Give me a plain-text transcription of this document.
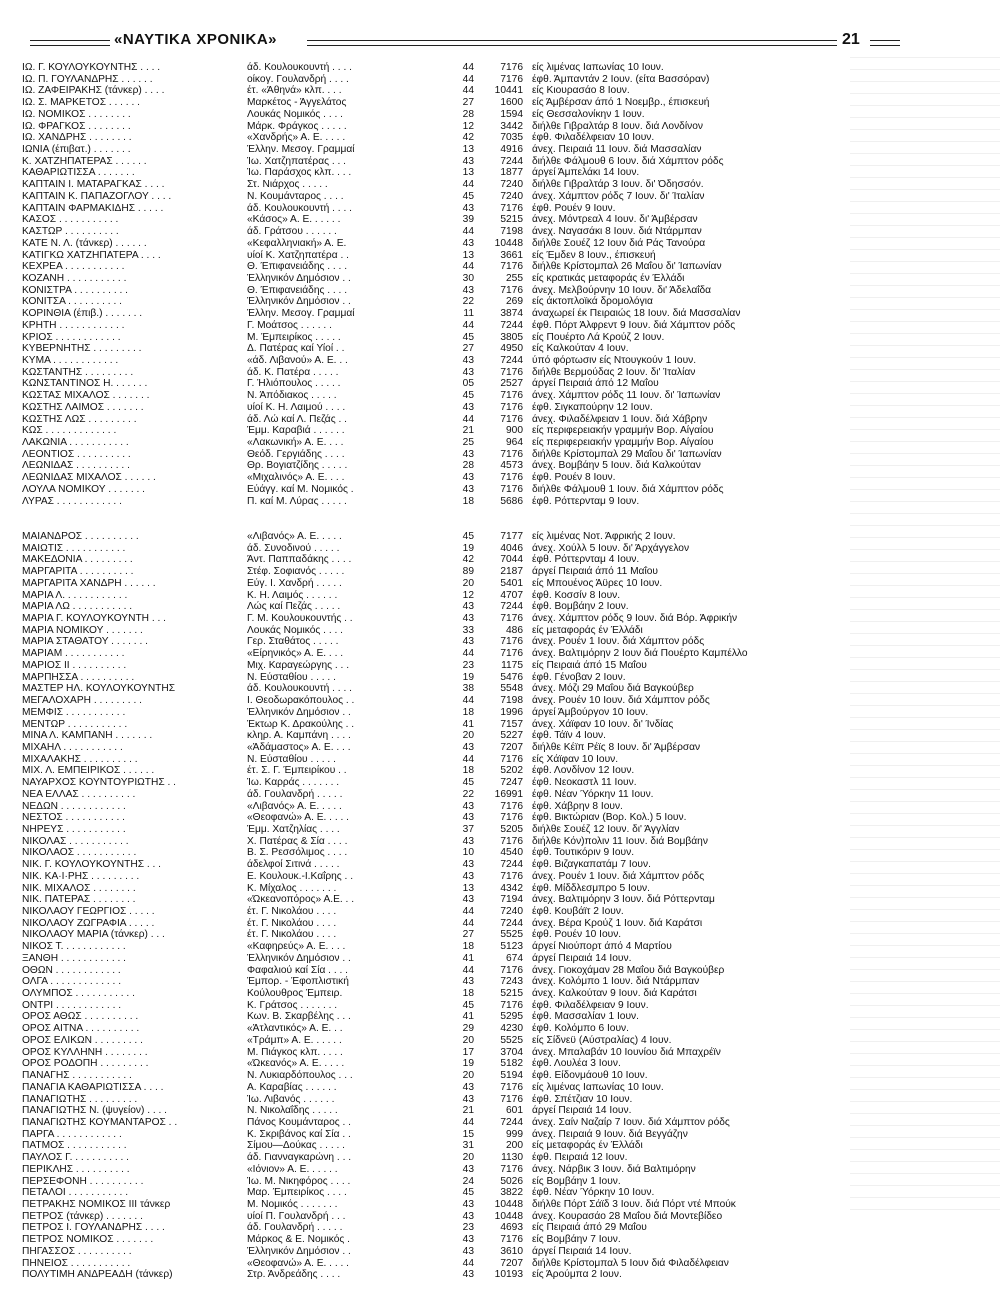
«ΝΑΥΤΙΚΑ ΧΡΟΝΙΚΑ»	21
ΙΩ. Γ. ΚΟΥΛΟΥΚΟΥΝΤΗΣ . . . .	άδ. Κουλουκουντή . . . .	44	7176 είς λιμένας Ιαπωνίας 10 Ιουν.
ΙΩ. Π. ΓΟΥΛΑΝΔΡΗΣ . . . . . .	οίκογ. Γουλανδρή . . . .	44	7176 έφθ. Άμπαντάν 2 Ιουν. (είτα Βασσόραν)
ΙΩ. ΖΑΦΕΙΡΑΚΗΣ (τάνκερ) . . . .	έτ. «Άθηνά» κλπ. . . .	44	10441 είς Κιουρασάο 8 Ιουν.
ΙΩ. Σ. ΜΑΡΚΕΤΟΣ . . . . . .	Μαρκέτος - Άγγελάτος	27	1600 είς Άμβέρσαν άπό 1 Νοεμβρ., έπισκευή
ΙΩ. ΝΟΜΙΚΟΣ . . . . . . . .	Λουκάς Νομικός . . . .	28	1594 είς Θεσσαλονίκην 1 Ιουν.
ΙΩ. ΦΡΑΓΚΟΣ . . . . . . . .	Μάρκ. Φράγκος . . . . .	12	3442 διήλθε Γιβραλτάρ 8 Ιουν. διά Λονδίνον
ΙΩ. ΧΑΝΔΡΗΣ . . . . . . . .	«Χανδρής» Α. Ε. . . . .	42	7035 έφθ. Φιλαδέλφειαν 10 Ιουν.
ΙΩΝΙΑ (έπιβατ.) . . . . . . .	Έλλην. Μεσογ. Γραμμαί	13	4916 άνεχ. Πειραιά 11 Ιουν. διά Μασσαλίαν
Κ. ΧΑΤΖΗΠΑΤΕΡΑΣ . . . . . .	Ίω. Χατζηπατέρας . . .	43	7244 διήλθε Φάλμουθ 6 Ιουν. διά Χάμπτον ρόδς
ΚΑΘΑΡΙΩΤΙΣΣΑ . . . . . . .	Ίω. Παράσχος κλπ. . . .	13	1877 άργεί Άμπελάκι 14 Ιουν.
ΚΑΠΤΑΙΝ Ι. ΜΑΤΑΡΑΓΚΑΣ . . . .	Στ. Νιάρχος . . . . .	44	7240 διήλθε Γιβραλτάρ 3 Ιουν. δι' Όδησσόν.
ΚΑΠΤΑΙΝ Κ. ΠΑΠΑΖΟΓΛΟΥ . . . .	Ν. Κουμάνταρος . . . .	45	7240 άνεχ. Χάμπτον ρόδς 7 Ιουν. δι' Ίταλίαν
ΚΑΠΤΑΙΝ ΦΑΡΜΑΚΙΔΗΣ . . . . .	άδ. Κουλουκουντή . . . .	43	7176 έφθ. Ρουέν 9 Ιουν.
ΚΑΣΟΣ . . . . . . . . . . .	«Κάσος» Α. Ε. . . . . .	39	5215 άνεχ. Μόντρεαλ 4 Ιουν. δι' Άμβέρσαν
ΚΑΣΤΩΡ . . . . . . . . . .	άδ. Γράτσου . . . . . .	44	7198 άνεχ. Ναγασάκι 8 Ιουν. διά Ντάρμπαν
ΚΑΤΕ Ν. Λ. (τάνκερ) . . . . . .	«Κεφαλληνιακή» Α. Ε.	43	10448 διήλθε Σουέζ 12 Ιουν διά Ράς Τανούρα
ΚΑΤΙΓΚΩ ΧΑΤΖΗΠΑΤΕΡΑ . . . .	υίοί Κ. Χατζηπατέρα . .	13	3661 είς Έμδεν 8 Ιουν., έπισκευή
ΚΕΧΡΕΑ . . . . . . . . . . .	Θ. Έπιφανειάδης . . . .	44	7176 διήλθε Κρίστομπαλ 26 Μαΐου δι' Ίαπωνίαν
ΚΟΖΑΝΗ . . . . . . . . . . .	Έλληνικόν Δημόσιον . .	30	255 είς κρατικάς μεταφοράς έν Έλλάδι
ΚΟΝΙΣΤΡΑ . . . . . . . . . .	Θ. Έπιφανειάδης . . . .	43	7176 άνεχ. Μελβούρνην 10 Ιουν. δι' Άδελαΐδα
ΚΟΝΙΤΣΑ . . . . . . . . . .	Έλληνικόν Δημόσιον . .	22	269 είς άκτοπλοϊκά δρομολόγια
ΚΟΡΙΝΘΙΑ (έπιβ.) . . . . . . .	Έλλην. Μεσογ. Γραμμαί	11	3874 άναχωρεί έκ Πειραιώς 18 Ιουν. διά Μασσαλίαν
ΚΡΗΤΗ . . . . . . . . . . . .	Γ. Μοάτσος . . . . . .	44	7244 έφθ. Πόρτ Άλφρεντ 9 Ιουν. διά Χάμπτον ρόδς
ΚΡΙΟΣ . . . . . . . . . . . .	Μ. Έμπειρίκος . . . . .	45	3805 είς Πουέρτο Λά Κρούζ 2 Ιουν.
ΚΥΒΕΡΝΗΤΗΣ . . . . . . . . .	Δ. Πατέρας καί Υίοί . .	27	4950 είς Καλκούταν 4 Ιουν.
ΚΥΜΑ . . . . . . . . . . . .	«άδ. Λιβανού» Α. Ε. . .	43	7244 ύπό φόρτωσιν είς Ντουγκούν 1 Ιουν.
ΚΩΣΤΑΝΤΗΣ . . . . . . . . .	άδ. Κ. Πατέρα . . . . .	43	7176 διήλθε Βερμούδας 2 Ιουν. δι' Ίταλίαν
ΚΩΝΣΤΑΝΤΙΝΟΣ Η. . . . . . .	Γ. Ήλιόπουλος . . . . .	05	2527 άργεί Πειραιά άπό 12 Μαΐου
ΚΩΣΤΑΣ ΜΙΧΑΛΟΣ . . . . . . .	Ν. Άπόδιακος . . . . .	45	7176 άνεχ. Χάμπτον ρόδς 11 Ιουν. δι' Ίαπωνίαν
ΚΩΣΤΗΣ ΛΑΙΜΟΣ . . . . . . .	υίοί Κ. Η. Λαιμού . . . .	43	7176 έφθ. Σιγκαπούρην 12 Ιουν.
ΚΩΣΤΗΣ ΛΩΣ . . . . . . . . .	άδ. Λώ καί Λ. Πεζάς . .	44	7176 άνεχ. Φιλαδέλφειαν 1 Ιουν. διά Χάβρην
ΚΩΣ . . . . . . . . . . . . .	Έμμ. Καραβιά . . . . . .	21	900 είς περιφερειακήν γραμμήν Βορ. Αίγαίου
ΛΑΚΩΝΙΑ . . . . . . . . . . .	«Λακωνική» Α. Ε. . . .	25	964 είς περιφερειακήν γραμμήν Βορ. Αίγαίου
ΛΕΟΝΤΙΟΣ . . . . . . . . . .	Θεόδ. Γεργιάδης . . . .	43	7176 διήλθε Κρίστομπαλ 29 Μαΐου δι' Ίαπωνίαν
ΛΕΩΝΙΔΑΣ . . . . . . . . . .	Θρ. Βογιατζίδης . . . . .	28	4573 άνεχ. Βομβάην 5 Ιουν. διά Καλκούταν
ΛΕΩΝΙΔΑΣ ΜΙΧΑΛΟΣ . . . . . .	«Μιχαλινός» Α. Ε. . . .	43	7176 έφθ. Ρουέν 8 Ιουν.
ΛΟΥΛΑ ΝΟΜΙΚΟΥ . . . . . . .	Εύάγγ. καί Μ. Νομικός .	43	7176 διήλθε Φάλμουθ 1 Ιουν. διά Χάμπτον ρόδς
ΛΥΡΑΣ . . . . . . . . . . . .	Π. καί Μ. Λύρας . . . . .	18	5686 έφθ. Ρόττερνταμ 9 Ιουν.
ΜΑΙΑΝΔΡΟΣ . . . . . . . . . .	«Λιβανός» Α. Ε. . . . .	45	7177 είς λιμένας Νοτ. Άφρικής 2 Ιουν.
ΜΑΙΩΤΙΣ . . . . . . . . . . .	άδ. Συνοδινού . . . . .	19	4046 άνεχ. Χούλλ 5 Ιουν. δι' Άρχάγγελον
ΜΑΚΕΔΟΝΙΑ . . . . . . . . .	Άντ. Παππαδάκης . . . .	42	7044 έφθ. Ρόττερνταμ 4 Ιουν.
ΜΑΡΓΑΡΙΤΑ . . . . . . . . . .	Στέφ. Σοφιανός . . . . .	89	2187 άργεί Πειραιά άπό 11 Μαΐου
ΜΑΡΓΑΡΙΤΑ ΧΑΝΔΡΗ . . . . . .	Εύγ. Ι. Χανδρή . . . . .	20	5401 είς Μπουένος Άϋρες 10 Ιουν.
ΜΑΡΙΑ Λ. . . . . . . . . . . .	Κ. Η. Λαιμός . . . . . .	12	4707 έφθ. Κοσσίν 8 Ιουν.
ΜΑΡΙΑ ΛΩ . . . . . . . . . . .	Λώς καί Πεζάς . . . . .	43	7244 έφθ. Βομβάην 2 Ιουν.
ΜΑΡΙΑ Γ. ΚΟΥΛΟΥΚΟΥΝΤΗ . . .	Γ. Μ. Κουλουκουντής . .	43	7176 άνεχ. Χάμπτον ρόδς 9 Ιουν. διά Βόρ. Άφρικήν
ΜΑΡΙΑ ΝΟΜΙΚΟΥ . . . . . . .	Λουκάς Νομικός . . . .	33	486 είς μεταφοράς έν Έλλάδι
ΜΑΡΙΑ ΣΤΑΘΑΤΟΥ . . . . . . .	Γερ. Σταθάτος . . . . .	43	7176 άνεχ. Ρουέν 1 Ιουν. διά Χάμπτον ρόδς
ΜΑΡΙΑΜ . . . . . . . . . . .	«Είρηνικός» Α. Ε. . . .	44	7176 άνεχ. Βαλτιμόρην 2 Ιουν διά Πουέρτο Καμπέλλο
ΜΑΡΙΟΣ ΙΙ . . . . . . . . . .	Μιχ. Καραγεώργης . . .	23	1175 είς Πειραιά άπό 15 Μαΐου
ΜΑΡΠΗΣΣΑ . . . . . . . . . .	Ν. Εύσταθίου . . . . .	19	5476 έφθ. Γένοβαν 2 Ιουν.
ΜΑΣΤΕΡ ΗΛ. ΚΟΥΛΟΥΚΟΥΝΤΗΣ	άδ. Κουλουκουντή . . . .	38	5548 άνεχ. Μόζι 29 Μαΐου διά Βαγκούβερ
ΜΕΓΑΛΟΧΑΡΗ . . . . . . . . .	Ι. Θεοδωρακόπουλος . .	44	7198 άνεχ. Ρουέν 10 Ιουν. διά Χάμπτον ρόδς
ΜΕΜΦΙΣ . . . . . . . . . . .	Έλληνικόν Δημόσιον . .	18	1996 άργεί Άμβούργον 10 Ιουν.
ΜΕΝΤΩΡ . . . . . . . . . . .	Έκτωρ Κ. Δρακούλης . .	41	7157 άνεχ. Χάϊφαν 10 Ιουν. δι' Ίνδίας
ΜΙΝΑ Λ. ΚΑΜΠΑΝΗ . . . . . . .	κληρ. Α. Καμπάνη . . . .	20	5227 έφθ. Τάϊν 4 Ιουν.
ΜΙΧΑΗΛ . . . . . . . . . . .	«Άδάμαστος» Α. Ε. . . .	43	7207 διήλθε Κέϊπ Ρέϊς 8 Ιουν. δι' Άμβέρσαν
ΜΙΧΑΛΑΚΗΣ . . . . . . . . . .	Ν. Εύσταθίου . . . . .	44	7176 είς Χάϊφαν 10 Ιουν.
ΜΙΧ. Λ. ΕΜΠΕΙΡΙΚΟΣ . . . . . .	έτ. Σ. Γ. Έμπειρίκου . .	18	5202 έφθ. Λονδίνον 12 Ιουν.
ΝΑΥΑΡΧΟΣ ΚΟΥΝΤΟΥΡΙΩΤΗΣ . .	Ίω. Καρράς . . . . . . .	45	7247 έφθ. Νεοκαστλ 11 Ιουν.
ΝΕΑ ΕΛΛΑΣ . . . . . . . . . .	άδ. Γουλανδρή . . . . .	22	16991 έφθ. Νέαν Ύόρκην 11 Ιουν.
ΝΕΔΩΝ . . . . . . . . . . . .	«Λιβανός» Α. Ε. . . . .	43	7176 έφθ. Χάβρην 8 Ιουν.
ΝΕΣΤΟΣ . . . . . . . . . . .	«Θεοφανώ» Α. Ε. . . . .	43	7176 έφθ. Βικτώριαν (Βορ. Κολ.) 5 Ιουν.
ΝΗΡΕΥΣ . . . . . . . . . . .	Έμμ. Χατζηλίας . . . .	37	5205 διήλθε Σουέζ 12 Ιουν. δι' Άγγλίαν
ΝΙΚΟΛΑΣ . . . . . . . . . . .	Χ. Πατέρας & Σία . . . .	43	7176 διήλθε Κόν)πολιν 11 Ιουν. διά Βομβάην
ΝΙΚΟΛΑΟΣ . . . . . . . . . . .	Β. Σ. Ρεσσόλιμος . . . .	10	4540 έφθ. Τουτικόριν 9 Ιουν.
ΝΙΚ. Γ. ΚΟΥΛΟΥΚΟΥΝΤΗΣ . . .	άδελφοί Σιτινά . . . . .	43	7244 έφθ. Βιζαγκαπατάμ 7 Ιουν.
ΝΙΚ. ΚΑ·Ι·ΡΗΣ . . . . . . . . .	Ε. Κουλουκ.-Ι.Καΐρης . .	43	7176 άνεχ. Ρουέν 1 Ιουν. διά Χάμπτον ρόδς
ΝΙΚ. ΜΙΧΑΛΟΣ . . . . . . . .	Κ. Μίχαλος . . . . . . .	13	4342 έφθ. Μίδδλεσμπρο 5 Ιουν.
ΝΙΚ. ΠΑΤΕΡΑΣ . . . . . . . .	«Ώκεανοπόρος» Α.Ε. . .	43	7194 άνεχ. Βαλτιμόρην 3 Ιουν. διά Ρόττερνταμ
ΝΙΚΟΛΑΟΥ ΓΕΩΡΓΙΟΣ . . . . .	έτ. Γ. Νικολάου . . . .	44	7240 έφθ. Κουβάϊτ 2 Ιουν.
ΝΙΚΟΛΑΟΥ ΖΩΓΡΑΦΙΑ . . . . .	έτ. Γ. Νικολάου . . . .	44	7244 άνεχ. Βέρα Κρούζ 1 Ιουν. διά Καράτσι
ΝΙΚΟΛΑΟΥ ΜΑΡΙΑ (τάνκερ) . . .	έτ. Γ. Νικολάου . . . .	27	5525 έφθ. Ρουέν 10 Ιουν.
ΝΙΚΟΣ Τ. . . . . . . . . . . .	«Καφηρεύς» Α. Ε. . . .	18	5123 άργεί Νιούπορτ άπό 4 Μαρτίου
ΞΑΝΘΗ . . . . . . . . . . . .	Έλληνικόν Δημόσιον . .	41	674 άργεί Πειραιά 14 Ιουν.
ΟΘΩΝ . . . . . . . . . . . .	Φαφαλιού καί Σία . . . .	44	7176 άνεχ. Γιοκοχάμαν 28 Μαΐου διά Βαγκούβερ
ΟΛΓΑ . . . . . . . . . . . . .	Έμπορ. - Έφοπλιστική	43	7243 άνεχ. Κολόμπο 1 Ιουν. διά Ντάρμπαν
ΟΛΥΜΠΟΣ . . . . . . . . . . .	Κούλουθρος Έμπειρ.	18	5215 άνεχ. Καλκούταν 9 Ιουν. διά Καράτσι
ΟΝΤΡΙ . . . . . . . . . . . .	Κ. Γράτσος . . . . . . .	45	7176 έφθ. Φιλαδέλφειαν 9 Ιουν.
ΟΡΟΣ ΑΘΩΣ . . . . . . . . . .	Κων. Β. Σκαρβέλης . . .	41	5295 έφθ. Μασσαλίαν 1 Ιουν.
ΟΡΟΣ ΑΙΤΝΑ . . . . . . . . . .	«Άτλαντικός» Α. Ε. . .	29	4230 έφθ. Κολόμπο 6 Ιουν.
ΟΡΟΣ ΕΛΙΚΩΝ . . . . . . . . .	«Τράμπ» Α. Ε. . . . . .	20	5525 είς Σίδνεϋ (Αύστραλίας) 4 Ιουν.
ΟΡΟΣ ΚΥΛΛΗΝΗ . . . . . . . .	Μ. Πιάγκος κλπ. . . . .	17	3704 άνεχ. Μπαλαβάν 10 Ιουνίου διά Μπαχρέϊν
ΟΡΟΣ ΡΟΔΟΠΗ . . . . . . . . .	«Ώκεανός» Α. Ε. . . . .	19	5182 έφθ. Λουλέα 3 Ιουν.
ΠΑΝΑΓΗΣ . . . . . . . . . . .	Ν. Λυκιαρδόπουλος . . .	20	5194 έφθ. Είδονμάουθ 10 Ιουν.
ΠΑΝΑΓΙΑ ΚΑΘΑΡΙΩΤΙΣΣΑ . . . .	Α. Καραβίας . . . . . .	43	7176 είς λιμένας Ιαπωνίας 10 Ιουν.
ΠΑΝΑΓΙΩΤΗΣ . . . . . . . . .	Ίω. Λιβανός . . . . . .	43	7176 έφθ. Σπέτζιαν 10 Ιουν.
ΠΑΝΑΓΙΩΤΗΣ Ν. (ψυγείον) . . . .	Ν. Νικολαΐδης . . . . .	21	601 άργεί Πειραιά 14 Ιουν.
ΠΑΝΑΓΙΩΤΗΣ ΚΟΥΜΑΝΤΑΡΟΣ . .	Πάνος Κουμάνταρος . .	44	7244 άνεχ. Σαίν Ναζαίρ 7 Ιουν. διά Χάμπτον ρόδς
ΠΑΡΓΑ . . . . . . . . . . . .	Κ. Σκριβάνος καί Σία . .	15	999 άνεχ. Πειραιά 9 Ιουν. διά Βεγγάζην
ΠΑΤΜΟΣ . . . . . . . . . . .	Σίμου—Δούκας . . . . .	31	200 είς μεταφοράς έν Έλλάδι
ΠΑΥΛΟΣ Γ. . . . . . . . . . .	άδ. Γιανναγκαρώνη . . .	20	1130 έφθ. Πειραιά 12 Ιουν.
ΠΕΡΙΚΛΗΣ . . . . . . . . . .	«Ιόνιον» Α. Ε. . . . . .	43	7176 άνεχ. Νάρβικ 3 Ιουν. διά Βαλτιμόρην
ΠΕΡΣΕΦΟΝΗ . . . . . . . . . .	Ίω. Μ. Νικηφόρος . . . .	24	5026 είς Βομβάην 1 Ιουν.
ΠΕΤΑΛΟΙ . . . . . . . . . . .	Μαρ. Έμπειρίκος . . . .	45	3822 έφθ. Νέαν Ύόρκην 10 Ιουν.
ΠΕΤΡΑΚΗΣ ΝΟΜΙΚΟΣ ΙΙΙ τάνκερ	Μ. Νομικός . . . . . . .	43	10448 διήλθε Πόρτ Σάϊδ 3 Ιουν. διά Πόρτ ντέ Μπούκ
ΠΕΤΡΟΣ (τάνκερ) . . . . . . .	υίοί Π. Γουλανδρή . . .	43	10448 άνεχ. Κουρασάο 28 Μαΐου διά Μοντεβίδεο
ΠΕΤΡΟΣ Ι. ΓΟΥΛΑΝΔΡΗΣ . . . .	άδ. Γουλανδρή . . . . .	23	4693 είς Πειραιά άπό 29 Μαΐου
ΠΕΤΡΟΣ ΝΟΜΙΚΟΣ . . . . . . .	Μάρκος & Ε. Νομικός .	43	7176 είς Βομβάην 7 Ιουν.
ΠΗΓΑΣΣΟΣ . . . . . . . . . .	Έλληνικόν Δημόσιον . .	43	3610 άργεί Πειραιά 14 Ιουν.
ΠΗΝΕΙΟΣ . . . . . . . . . . .	«Θεοφανώ» Α. Ε. . . . .	44	7207 διήλθε Κρίστομπαλ 5 Ιουν διά Φιλαδέλφειαν
ΠΟΛΥΤΙΜΗ ΑΝΔΡΕΑΔΗ (τάνκερ)	Στρ. Άνδρεάδης . . . .	43	10193 είς Άρούμπα 2 Ιουν.
